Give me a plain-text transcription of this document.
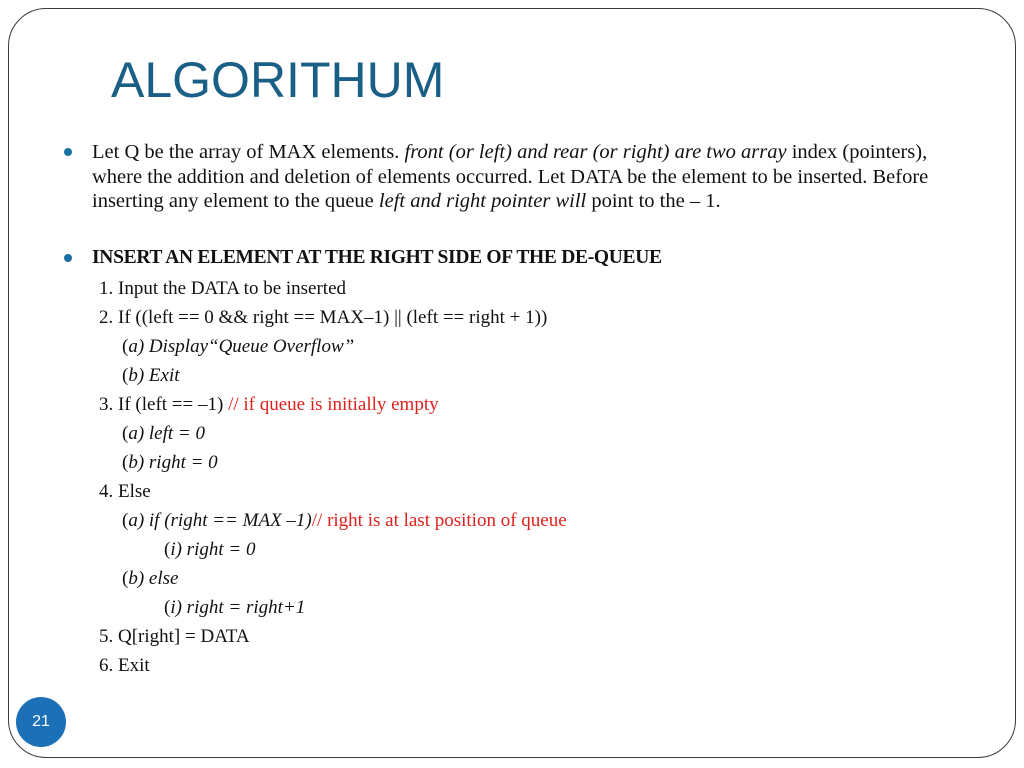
ALGORITHUM
Let Q be the array of MAX elements. front (or left) and rear (or right) are two array index (pointers), where the addition and deletion of elements occurred. Let DATA be the element to be inserted. Before inserting any element to the queue left and right pointer will point to the – 1.
INSERT AN ELEMENT AT THE RIGHT SIDE OF THE DE-QUEUE
1. Input the DATA to be inserted
2. If ((left == 0 && right == MAX–1) || (left == right + 1))
(a) Display“Queue Overflow”
(b) Exit
3. If (left == –1) // if queue is initially empty
(a) left = 0
(b) right = 0
4. Else
(a) if (right == MAX –1)// right is at last position of queue
(i) right = 0
(b) else
(i) right = right+1
5. Q[right] = DATA
6. Exit
21
